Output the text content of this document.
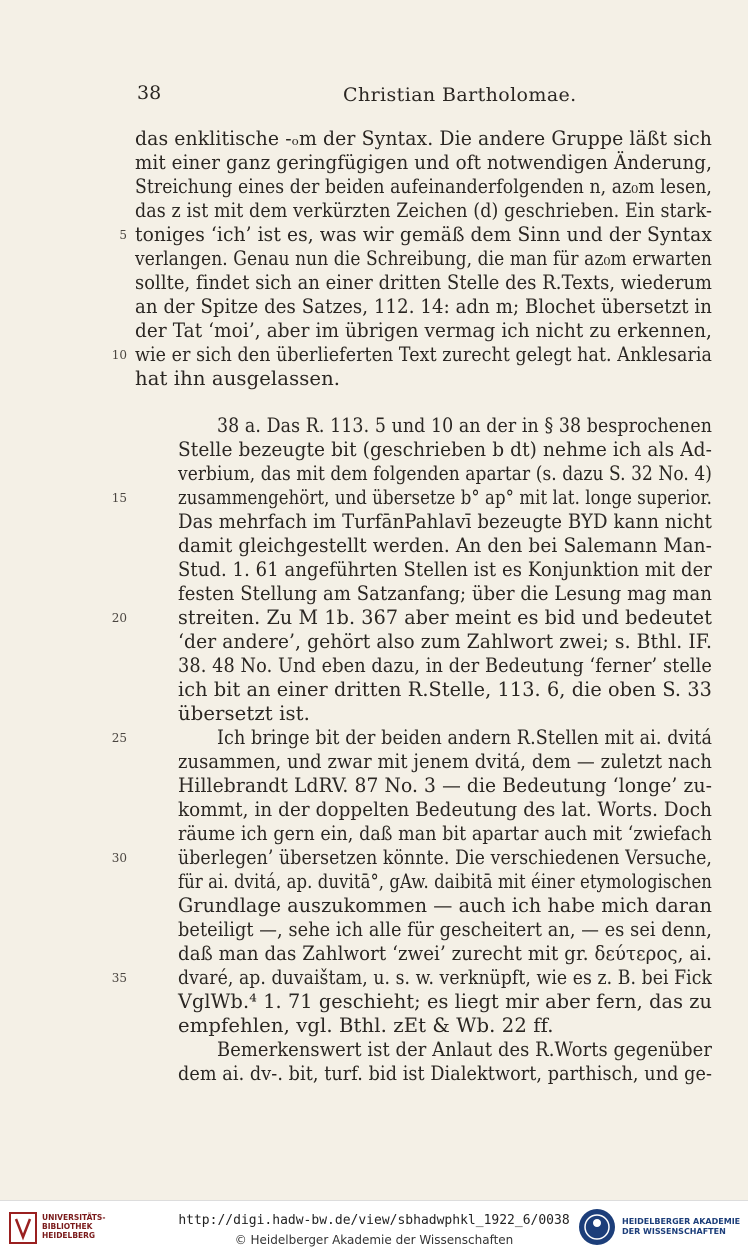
38	Christian Bartholomae.
das enklitische -ₒm der Syntax. Die andere Gruppe läßt sich
mit einer ganz geringfügigen und oft notwendigen Änderung,
Streichung eines der beiden aufeinanderfolgenden n, az₀m lesen,
das z ist mit dem verkürzten Zeichen (d) geschrieben. Ein stark-
toniges ‘ich’ ist es, was wir gemäß dem Sinn und der Syntax
verlangen. Genau nun die Schreibung, die man für az₀m erwarten
sollte, findet sich an einer dritten Stelle des R.Texts, wiederum
an der Spitze des Satzes, 112. 14: adn m; Blochet übersetzt in
der Tat ‘moi’, aber im übrigen vermag ich nicht zu erkennen,
wie er sich den überlieferten Text zurecht gelegt hat. Anklesaria
hat ihn ausgelassen.
38 a. Das R. 113. 5 und 10 an der in § 38 besprochenen
Stelle bezeugte bit (geschrieben b dt) nehme ich als Ad-
verbium, das mit dem folgenden apartar (s. dazu S. 32 No. 4)
zusammengehört, und übersetze b° ap° mit lat. longe superior.
Das mehrfach im TurfānPahlavī bezeugte BYD kann nicht
damit gleichgestellt werden. An den bei Salemann Man-
Stud. 1. 61 angeführten Stellen ist es Konjunktion mit der
festen Stellung am Satzanfang; über die Lesung mag man
streiten. Zu M 1b. 367 aber meint es bid und bedeutet
‘der andere’, gehört also zum Zahlwort zwei; s. Bthl. IF.
38. 48 No. Und eben dazu, in der Bedeutung ‘ferner’ stelle
ich bit an einer dritten R.Stelle, 113. 6, die oben S. 33
übersetzt ist.
Ich bringe bit der beiden andern R.Stellen mit ai. dvitá
zusammen, und zwar mit jenem dvitá, dem — zuletzt nach
Hillebrandt LdRV. 87 No. 3 — die Bedeutung ‘longe’ zu-
kommt, in der doppelten Bedeutung des lat. Worts. Doch
räume ich gern ein, daß man bit apartar auch mit ‘zwiefach
überlegen’ übersetzen könnte. Die verschiedenen Versuche,
für ai. dvitá, ap. duvitā°, gAw. daibitā mit éiner etymologischen
Grundlage auszukommen — auch ich habe mich daran
beteiligt —, sehe ich alle für gescheitert an, — es sei denn,
daß man das Zahlwort ‘zwei’ zurecht mit gr. δεύτερος, ai.
dvaré, ap. duvaištam, u. s. w. verknüpft, wie es z. B. bei Fick
VglWb.⁴ 1. 71 geschieht; es liegt mir aber fern, das zu
empfehlen, vgl. Bthl. zEt & Wb. 22 ff.
Bemerkenswert ist der Anlaut des R.Worts gegenüber
dem ai. dv-. bit, turf. bid ist Dialektwort, parthisch, und ge-
5
10
15
20
25
30
35
UNIVERSITÄTS-
BIBLIOTHEK
HEIDELBERG
http://digi.hadw-bw.de/view/sbhadwphkl_1922_6/0038
© Heidelberger Akademie der Wissenschaften
HEIDELBERGER AKADEMIE
DER WISSENSCHAFTEN
